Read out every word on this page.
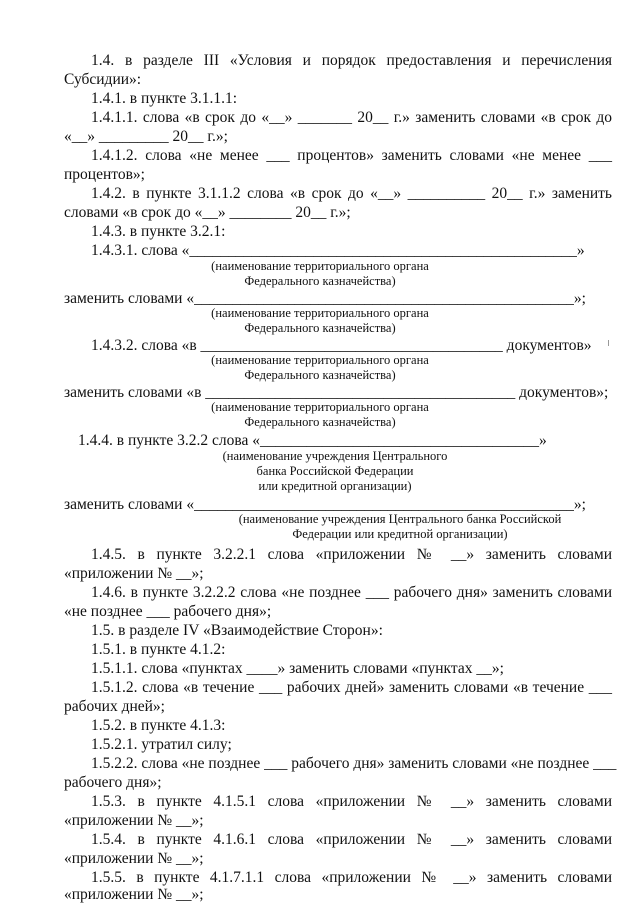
1.4. в разделе III «Условия и порядок предоставления и перечисления
Субсидии»:
1.4.1. в пункте 3.1.1.1:
1.4.1.1. слова «в срок до «__» _______ 20__ г.» заменить словами «в срок до
«__» _________ 20__ г.»;
1.4.1.2. слова «не менее ___ процентов» заменить словами «не менее ___
процентов»;
1.4.2. в пункте 3.1.1.2 слова «в срок до «__» __________ 20__ г.» заменить
словами «в срок до «__» ________ 20__ г.»;
1.4.3. в пункте 3.2.1:
1.4.3.1. слова «__________________________________________________»
(наименование территориального органа
Федерального казначейства)
заменить словами «_________________________________________________»;
(наименование территориального органа
Федерального казначейства)
1.4.3.2. слова «в _______________________________________ документов»
(наименование территориального органа
Федерального казначейства)
заменить словами «в ________________________________________ документов»;
(наименование территориального органа
Федерального казначейства)
1.4.4. в пункте 3.2.2 слова «____________________________________»
(наименование учреждения Центрального
банка Российской Федерации
или кредитной организации)
заменить словами «_________________________________________________»;
(наименование учреждения Центрального банка Российской
Федерации или кредитной организации)
1.4.5. в пункте 3.2.2.1 слова «приложении № __» заменить словами
«приложении № __»;
1.4.6. в пункте 3.2.2.2 слова «не позднее ___ рабочего дня» заменить словами
«не позднее ___ рабочего дня»;
1.5. в разделе IV «Взаимодействие Сторон»:
1.5.1. в пункте 4.1.2:
1.5.1.1. слова «пунктах ____» заменить словами «пунктах __»;
1.5.1.2. слова «в течение ___ рабочих дней» заменить словами «в течение ___
рабочих дней»;
1.5.2. в пункте 4.1.3:
1.5.2.1. утратил силу;
1.5.2.2. слова «не позднее ___ рабочего дня» заменить словами «не позднее ___
рабочего дня»;
1.5.3. в пункте 4.1.5.1 слова «приложении № __» заменить словами
«приложении № __»;
1.5.4. в пункте 4.1.6.1 слова «приложении № __» заменить словами
«приложении № __»;
1.5.5. в пункте 4.1.7.1.1 слова «приложении № __» заменить словами
«приложении № __»;
